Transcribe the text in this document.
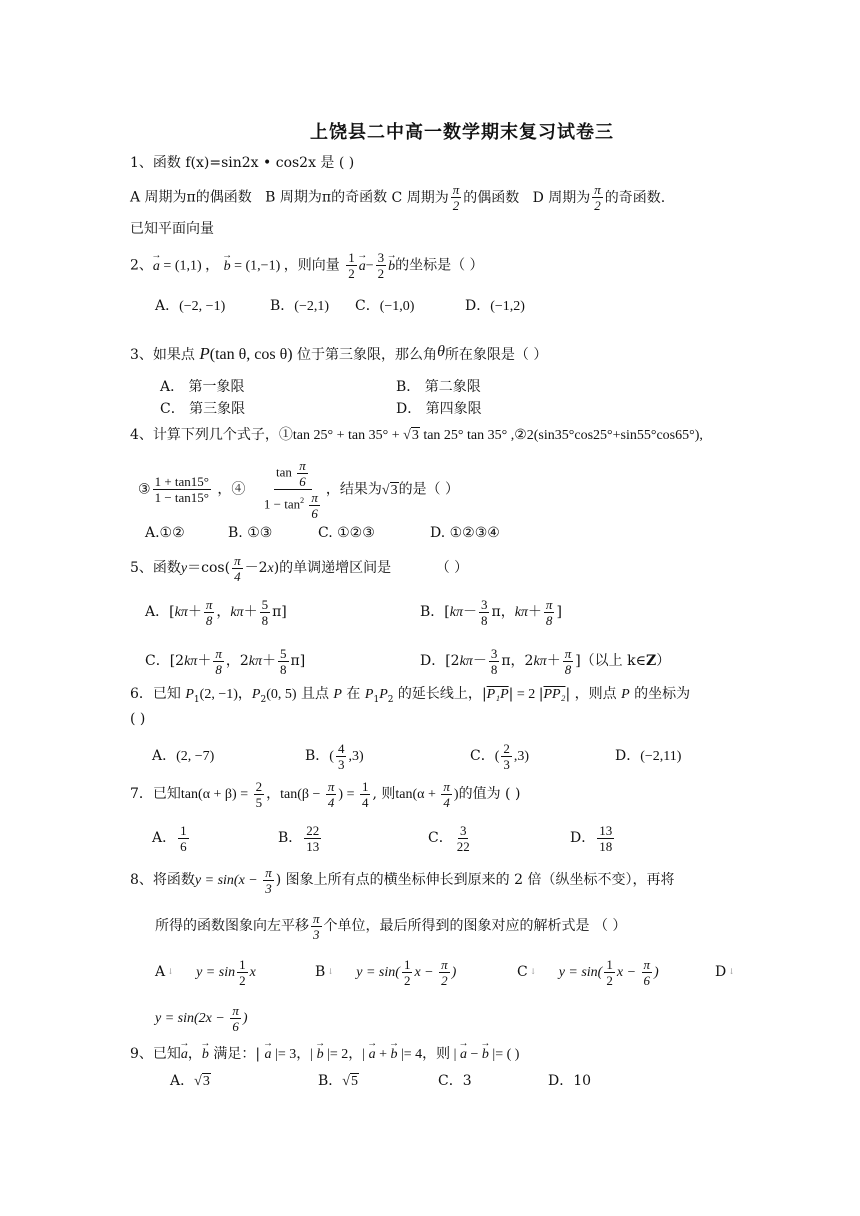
上饶县二中高一数学期末复习试卷三
1、函数 f(x)=sin2x • cos2x 是 ( )
A 周期为π的偶函数 B 周期为π的奇函数 C 周期为 $\frac{\pi}{2}$ 的偶函数 D 周期为 $\frac{\pi}{2}$ 的奇函数.
已知平面向量
2、→ a = (1,1) ， → b = (1,−1) ，则向量 $\frac{1}{2} \to a- \frac{3}{2} \to b$的坐标是（ ）
A．(−2, −1)	B．(−2,1) C．(−1,0)	D．(−1,2)
3、如果点 P(tan θ, cos θ) 位于第三象限，那么角θ所在象限是（ ）
A． 第一象限	B． 第二象限
C． 第三象限	D． 第四象限
4、计算下列几个式子，①tan 25° + tan 35° + √3 tan 25° tan 35° ,②2(sin35°cos25°+sin55°cos65°),
③ $\frac{1 + \tan 15^\circ}{1 - \tan 15^\circ}$ ，④ $\frac{\tan \frac{\pi}{6}}{1 - \tan^2 \frac{\pi}{6}}$ ，结果为√3的是（ ）
A.①②	B. ①③	C. ①②③	D. ①②③④
5、函数$y=\cos( \frac{\pi}{4} -2x)$的单调递增区间是	（ ）
A．[$k\pi+ \frac{\pi}{8}$ ，$k\pi+ \frac{5}{8} \pi$]	B．[$k\pi- \frac{3}{8}$ π，$k\pi+ \frac{\pi}{8}$ ]
C．[$2k\pi+ \frac{\pi}{8}$ ，$2k\pi+ \frac{5}{8} \pi$]	D．[$2k\pi- \frac{3}{8}$ π，$2k\pi+ \frac{\pi}{8}$ ]（以上 k∈Z）
6．已知 $P_1(2$, −1)，$P_2(0$, 5) 且点 P 在 $P_1P_2$ 的延长线上，|P₁P| = 2 |PP₂| ，则点 P 的坐标为
( )
A．(2, −7)	B．( $\frac{4}{3} ,3$)	C．( $\frac{2}{3} ,3$)	D．(−2,11)
7．已知$\tan(\alpha + \beta) = \frac{2}{5}$ ，$\tan(\beta - \frac{\pi}{4}$ ) = $\frac{1}{4}$ , 则$\tan(\alpha + \frac{\pi}{4}$ )的值为 ( )
A． $\frac{1}{6}$	B． $\frac{22}{13}$	C． $\frac{3}{22}$	D． $\frac{13}{18}$
8、将函数$y = \sin(x - \frac{\pi}{3}$ ) 图象上所有点的横坐标伸长到原来的 2 倍（纵坐标不变），再将
所得的函数图象向左平移 $\frac{\pi}{3}$ 个单位，最后所得到的图象对应的解析式是 （ ）
A ↓ $y = \sin \frac{1}{2}$ x	B ↓ $y = \sin( \frac{1}{2}$ $x - \frac{\pi}{2}$ )	C ↓ $y = \sin( \frac{1}{2}$ $x - \frac{\pi}{6}$ )	D ↓
$y = \sin(2x - \frac{\pi}{6}$ )
9、已知→ a，→ b 满足：| → a |= 3，| → b |= 2，| → a + → b |= 4，则 | → a − → b |= ( )
A．√3	B．√5	C．3	D．10
